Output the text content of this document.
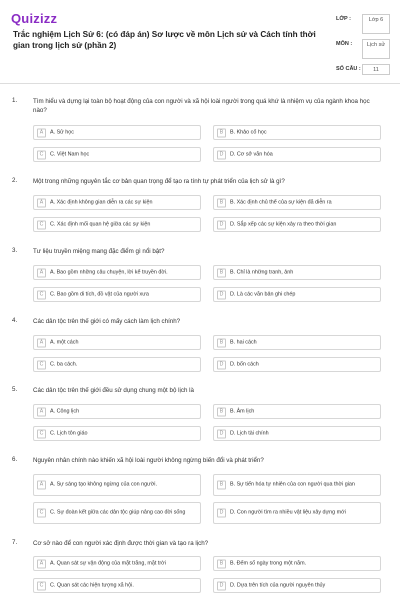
Quizizz
Trắc nghiệm Lịch Sử 6: (có đáp án) Sơ lược về môn Lịch sử và Cách tính thời gian trong lịch sử (phần 2)
LỚP :	Lớp 6
MÔN :	Lịch sử
SỐ CÂU :	11
1.	Tìm hiểu và dựng lại toàn bộ hoạt động của con người và xã hội loài người trong quá khứ là nhiệm vụ của ngành khoa học nào?
A	A. Sử học	B	B. Khảo cổ học
C	C. Việt Nam học	D	D. Cơ sở văn hóa
2.	Một trong những nguyên tắc cơ bản quan trọng để tạo ra tính tự phát triển của lịch sử là gì?
A	A. Xác định không gian diễn ra các sự kiện	B	B. Xác định chủ thể của sự kiện đã diễn ra
C	C. Xác định mối quan hệ giữa các sự kiện	D	D. Sắp xếp các sự kiện xảy ra theo thời gian
3.	Tư liệu truyền miệng mang đặc điểm gì nổi bật?
A	A. Bao gồm những câu chuyện, lời kể truyền đời.	B	B. Chỉ là những tranh, ảnh
C	C. Bao gồm di tích, đồ vật của người xưa	D	D. Là các văn bản ghi chép
4.	Các dân tộc trên thế giới có mấy cách làm lịch chính?
A	A. một cách	B	B. hai cách
C	C. ba cách.	D	D. bốn cách
5.	Các dân tộc trên thế giới đều sử dụng chung một bộ lịch là
A	A. Công lịch	B	B. Âm lịch
C	C. Lịch tôn giáo	D	D. Lịch tài chính
6.	Nguyên nhân chính nào khiến xã hội loài người không ngừng biến đổi và phát triển?
A	A. Sự sáng tạo không ngừng của con người.	B	B. Sự tiến hóa tự nhiên của con người qua thời gian
C	C. Sự đoàn kết giữa các dân tộc giúp nâng cao đời sống	D	D. Con người tìm ra nhiều vật liệu xây dựng mới
7.	Cơ sở nào để con người xác định được thời gian và tạo ra lịch?
A	A. Quan sát sự vận động của mặt trăng, mặt trời	B	B. Đếm số ngày trong một năm.
C	C. Quan sát các hiện tượng xã hội.	D	D. Dựa trên tích của người nguyên thủy
